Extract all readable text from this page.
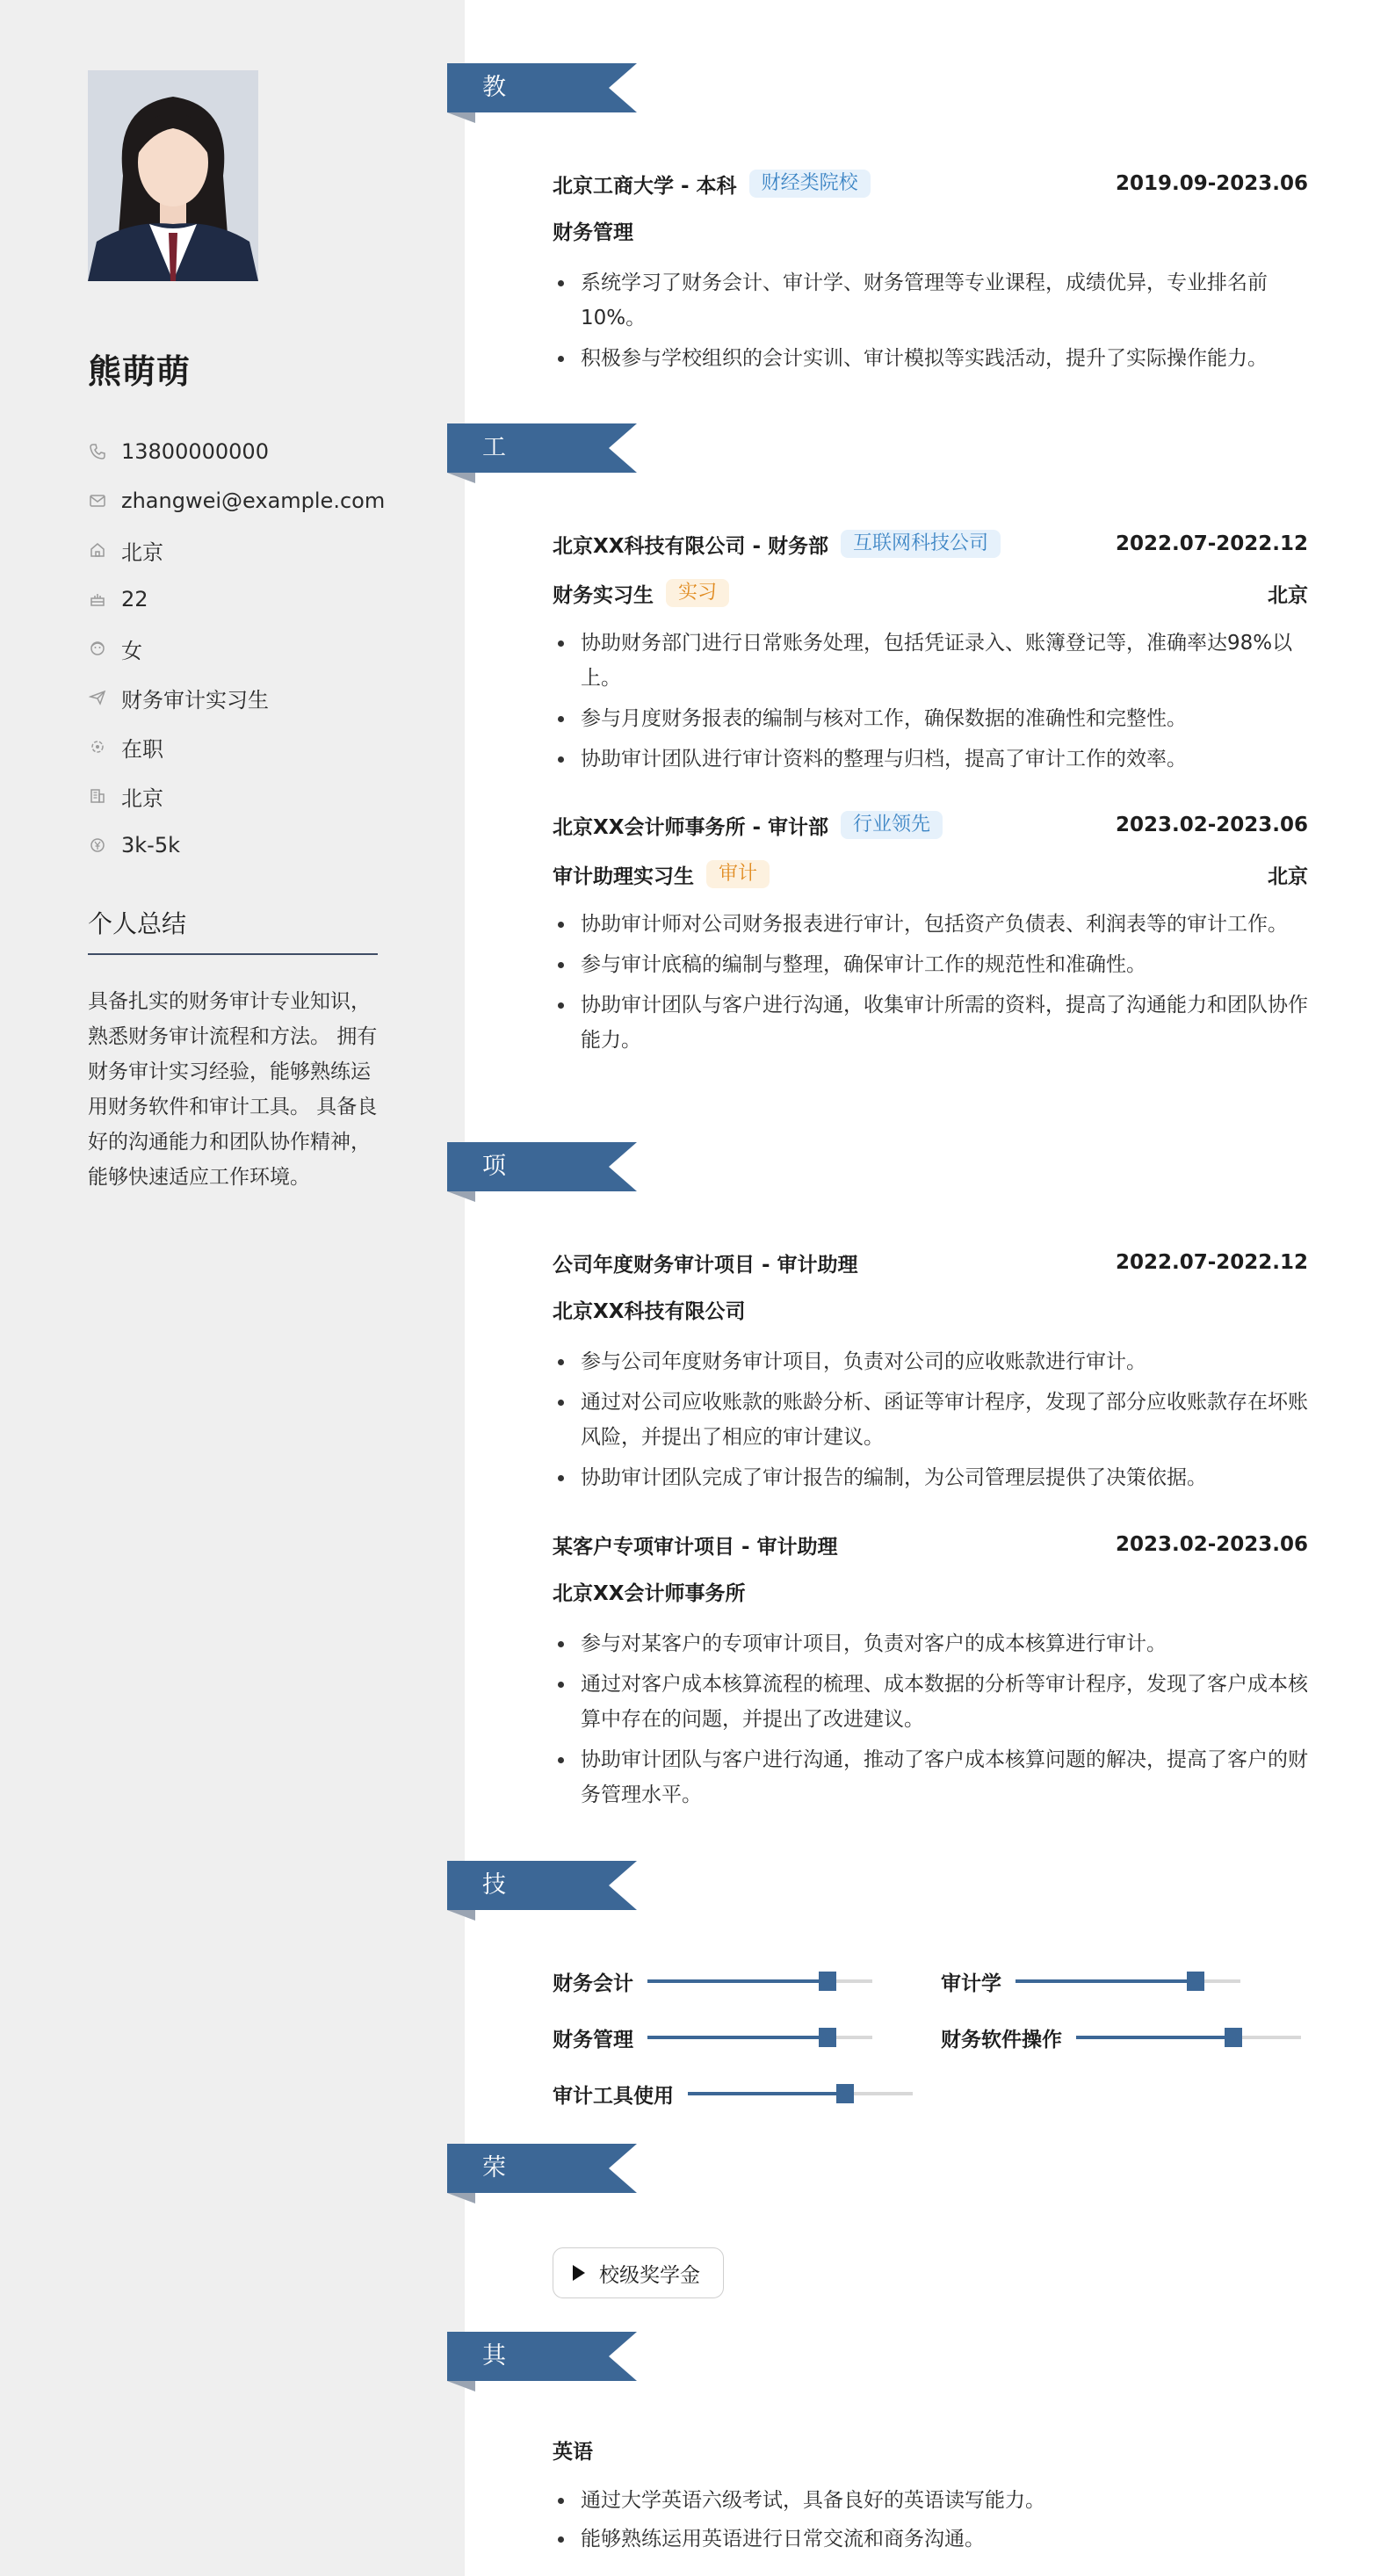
熊萌萌
13800000000
zhangwei@example.com
北京
22
女
财务审计实习生
在职
北京
3k-5k
个人总结
具备扎实的财务审计专业知识，熟悉财务审计流程和方法。 拥有财务审计实习经验，能够熟练运用财务软件和审计工具。 具备良好的沟通能力和团队协作精神，能够快速适应工作环境。
教育经历
北京工商大学 - 本科	财经类院校	2019.09-2023.06
财务管理
系统学习了财务会计、审计学、财务管理等专业课程，成绩优异，专业排名前10%。
积极参与学校组织的会计实训、审计模拟等实践活动，提升了实际操作能力。
工作经历
北京XX科技有限公司 - 财务部	互联网科技公司	2022.07-2022.12
财务实习生	实习	北京
协助财务部门进行日常账务处理，包括凭证录入、账簿登记等，准确率达98%以上。
参与月度财务报表的编制与核对工作，确保数据的准确性和完整性。
协助审计团队进行审计资料的整理与归档，提高了审计工作的效率。
北京XX会计师事务所 - 审计部	行业领先	2023.02-2023.06
审计助理实习生	审计	北京
协助审计师对公司财务报表进行审计，包括资产负债表、利润表等的审计工作。
参与审计底稿的编制与整理，确保审计工作的规范性和准确性。
协助审计团队与客户进行沟通，收集审计所需的资料，提高了沟通能力和团队协作能力。
项目经历
公司年度财务审计项目 - 审计助理	2022.07-2022.12
北京XX科技有限公司
参与公司年度财务审计项目，负责对公司的应收账款进行审计。
通过对公司应收账款的账龄分析、函证等审计程序，发现了部分应收账款存在坏账风险，并提出了相应的审计建议。
协助审计团队完成了审计报告的编制，为公司管理层提供了决策依据。
某客户专项审计项目 - 审计助理	2023.02-2023.06
北京XX会计师事务所
参与对某客户的专项审计项目，负责对客户的成本核算进行审计。
通过对客户成本核算流程的梳理、成本数据的分析等审计程序，发现了客户成本核算中存在的问题，并提出了改进建议。
协助审计团队与客户进行沟通，推动了客户成本核算问题的解决，提高了客户的财务管理水平。
技能专长
财务会计	审计学
财务管理	财务软件操作
审计工具使用
荣誉奖项
校级奖学金
其他信息
英语
通过大学英语六级考试，具备良好的英语读写能力。
能够熟练运用英语进行日常交流和商务沟通。
